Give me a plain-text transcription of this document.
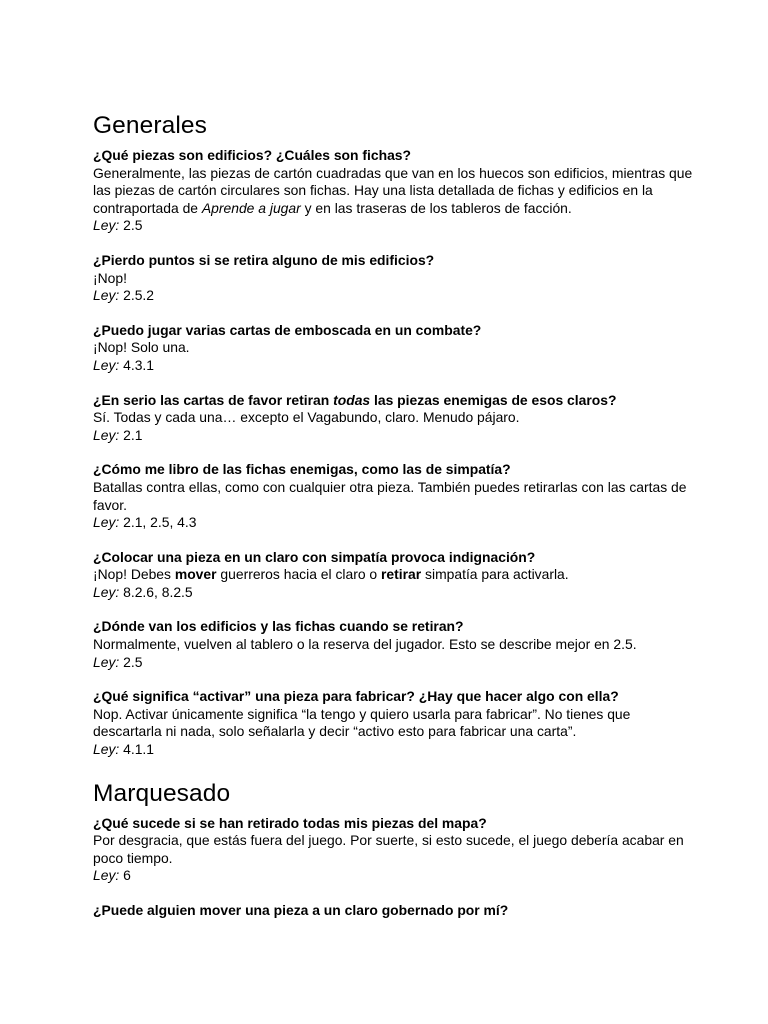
Generales

¿Qué piezas son edificios? ¿Cuáles son fichas?

Generalmente, las piezas de cartón cuadradas que van en los huecos son edificios, mientras que las piezas de cartón circulares son fichas. Hay una lista detallada de fichas y edificios en la contraportada de Aprende a jugar y en las traseras de los tableros de facción.

Ley: 2.5

¿Pierdo puntos si se retira alguno de mis edificios?

¡Nop!

Ley: 2.5.2

¿Puedo jugar varias cartas de emboscada en un combate?

¡Nop! Solo una.

Ley: 4.3.1

¿En serio las cartas de favor retiran todas las piezas enemigas de esos claros?

Sí. Todas y cada una… excepto el Vagabundo, claro. Menudo pájaro.

Ley: 2.1

¿Cómo me libro de las fichas enemigas, como las de simpatía?

Batallas contra ellas, como con cualquier otra pieza. También puedes retirarlas con las cartas de favor.

Ley: 2.1, 2.5, 4.3

¿Colocar una pieza en un claro con simpatía provoca indignación?

¡Nop! Debes mover guerreros hacia el claro o retirar simpatía para activarla.

Ley: 8.2.6, 8.2.5

¿Dónde van los edificios y las fichas cuando se retiran?

Normalmente, vuelven al tablero o la reserva del jugador. Esto se describe mejor en 2.5.

Ley: 2.5

¿Qué significa “activar” una pieza para fabricar? ¿Hay que hacer algo con ella?

Nop. Activar únicamente significa “la tengo y quiero usarla para fabricar”. No tienes que descartarla ni nada, solo señalarla y decir “activo esto para fabricar una carta”.

Ley: 4.1.1

Marquesado

¿Qué sucede si se han retirado todas mis piezas del mapa?

Por desgracia, que estás fuera del juego. Por suerte, si esto sucede, el juego debería acabar en poco tiempo.

Ley: 6

¿Puede alguien mover una pieza a un claro gobernado por mí?
